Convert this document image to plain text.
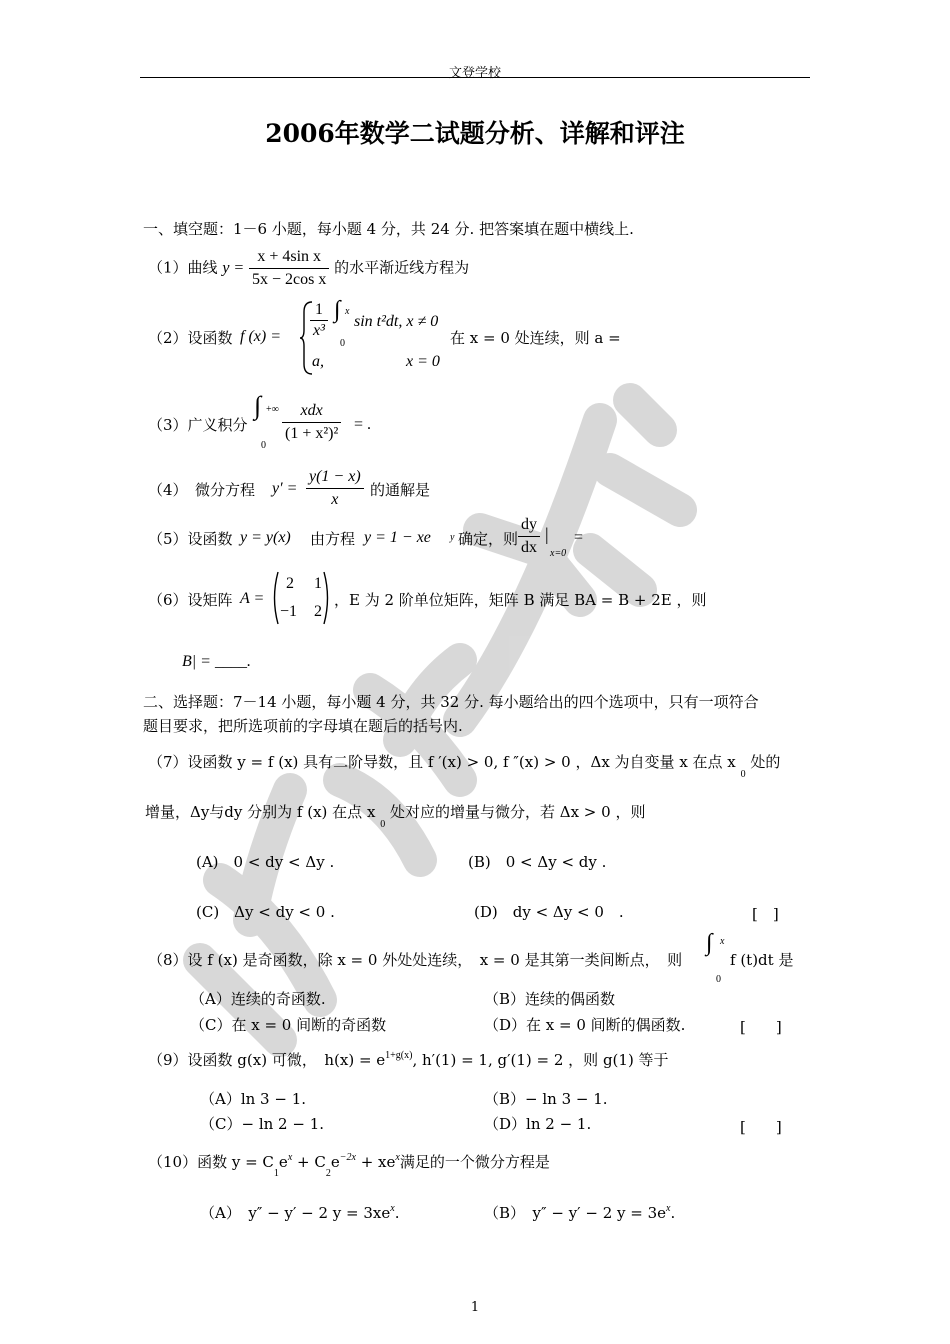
文登学校
2006年数学二试题分析、详解和评注
一、填空题：1－6 小题，每小题 4 分，共 24 分. 把答案填在题中横线上.
（1）曲线 $y = \frac{\text{x + 4sin x}}{\text{5x − 2cos x}}$ 的水平渐近线方程为
（2）设函数 f $(x) = \frac{1}{\text{x³}}$ ∫ x
0
sin t²dt, x ≠ 0
a,	x = 0
在 x = 0 处连续，则 a =
（3）广义积分
∫ +∞
0
xdx
(1 + x²)²
= .
（4）　微分方程 $y' = \frac{y(1 - x)}{x}$ 的通解是
（5）设函数 y = y(x) 由方程 y = 1 − xe y 确定，则 $\frac{dy}{dx}$ |
x=0
=
（6）设矩阵 A =
2 1
−1 2
，E 为 2 阶单位矩阵，矩阵 B 满足 BA = B + 2E ，则
B| = ____.
二、选择题：7－14 小题，每小题 4 分，共 32 分. 每小题给出的四个选项中，只有一项符合
题目要求，把所选项前的字母填在题后的括号内.
（7）设函数 y = f (x) 具有二阶导数，且 f ′(x) > 0, f ″(x) > 0 ，Δx 为自变量 x 在点 x $_0$ 处的
增量，Δy与dy 分别为 f (x) 在点 x $_0$ 处对应的增量与微分，若 Δx > 0 ，则
(A)　0 < dy < Δy .	(B)　0 < Δy < dy .
(C)　Δy < dy < 0 .	(D)　dy < Δy < 0　.	[　]
（8）设 f (x) 是奇函数，除 x = 0 外处处连续，　x = 0 是其第一类间断点，　则
∫ x
0
f (t)dt 是
（A）连续的奇函数.	（B）连续的偶函数
（C）在 x = 0 间断的奇函数	（D）在 x = 0 间断的偶函数.	[　　]
（9）设函数 g(x) 可微，　$h(x) = e^{1+g(x)}$, h′(1) = 1, g′(1) = 2 ，则 g(1) 等于
（A）ln 3 − 1.	（B）− ln 3 − 1.
（C）− ln 2 − 1.	（D）ln 2 − 1.	[　　]
（10）函数 $y = C_1e^x + C_2e^{-2x} + xe^x$满足的一个微分方程是
（A）　y″ − y′ − 2 $y = 3xe^x$.	（B）　y″ − y′ − 2 $y = 3e^x$.
1
